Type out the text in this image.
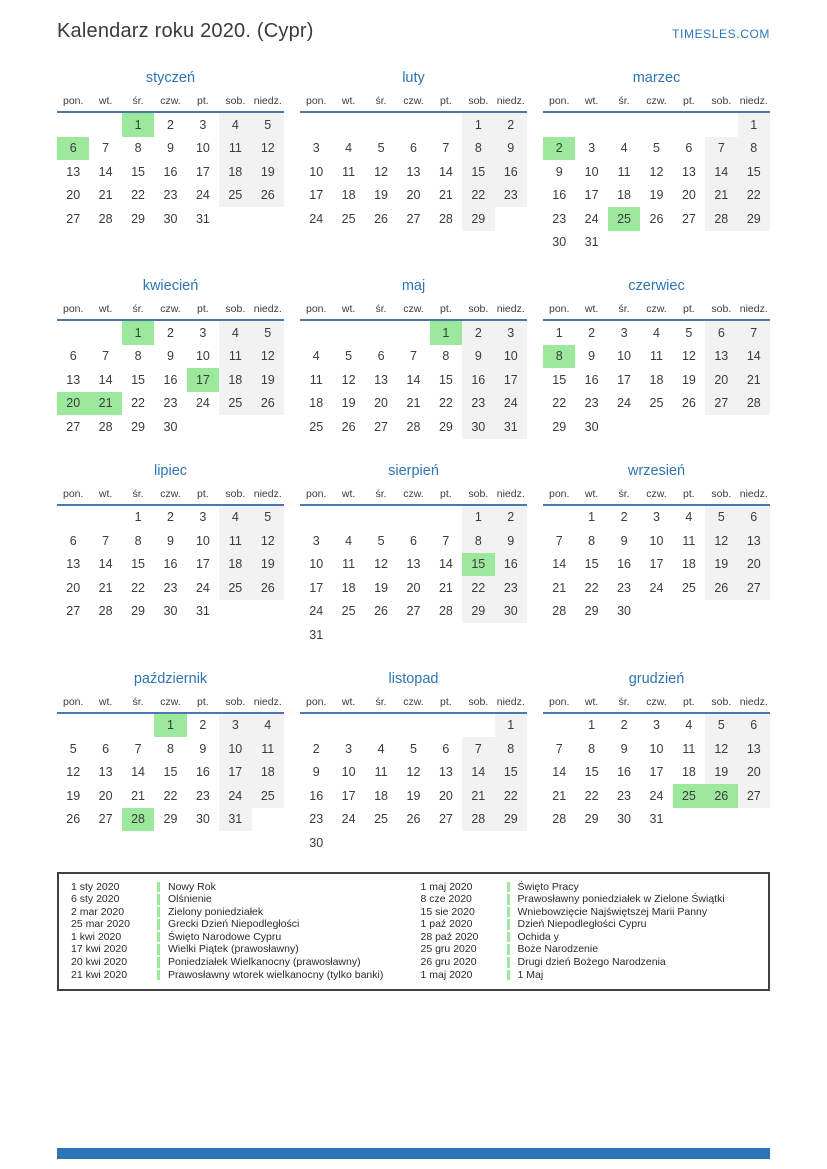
Kalendarz roku 2020. (Cypr)	TIMESLES.COM
styczeń
pon.	wt.	śr.	czw.	pt.	sob.	niedz.
		1	2	3	4	5
6	7	8	9	10	11	12
13	14	15	16	17	18	19
20	21	22	23	24	25	26
27	28	29	30	31		
luty
pon.	wt.	śr.	czw.	pt.	sob.	niedz.
					1	2
3	4	5	6	7	8	9
10	11	12	13	14	15	16
17	18	19	20	21	22	23
24	25	26	27	28	29	
marzec
pon.	wt.	śr.	czw.	pt.	sob.	niedz.
						1
2	3	4	5	6	7	8
9	10	11	12	13	14	15
16	17	18	19	20	21	22
23	24	25	26	27	28	29
30	31					
kwiecień
pon.	wt.	śr.	czw.	pt.	sob.	niedz.
		1	2	3	4	5
6	7	8	9	10	11	12
13	14	15	16	17	18	19
20	21	22	23	24	25	26
27	28	29	30			
maj
pon.	wt.	śr.	czw.	pt.	sob.	niedz.
				1	2	3
4	5	6	7	8	9	10
11	12	13	14	15	16	17
18	19	20	21	22	23	24
25	26	27	28	29	30	31
czerwiec
pon.	wt.	śr.	czw.	pt.	sob.	niedz.
1	2	3	4	5	6	7
8	9	10	11	12	13	14
15	16	17	18	19	20	21
22	23	24	25	26	27	28
29	30					
lipiec
pon.	wt.	śr.	czw.	pt.	sob.	niedz.
		1	2	3	4	5
6	7	8	9	10	11	12
13	14	15	16	17	18	19
20	21	22	23	24	25	26
27	28	29	30	31		
sierpień
pon.	wt.	śr.	czw.	pt.	sob.	niedz.
					1	2
3	4	5	6	7	8	9
10	11	12	13	14	15	16
17	18	19	20	21	22	23
24	25	26	27	28	29	30
31						
wrzesień
pon.	wt.	śr.	czw.	pt.	sob.	niedz.
	1	2	3	4	5	6
7	8	9	10	11	12	13
14	15	16	17	18	19	20
21	22	23	24	25	26	27
28	29	30				
październik
pon.	wt.	śr.	czw.	pt.	sob.	niedz.
			1	2	3	4
5	6	7	8	9	10	11
12	13	14	15	16	17	18
19	20	21	22	23	24	25
26	27	28	29	30	31	
listopad
pon.	wt.	śr.	czw.	pt.	sob.	niedz.
						1
2	3	4	5	6	7	8
9	10	11	12	13	14	15
16	17	18	19	20	21	22
23	24	25	26	27	28	29
30						
grudzień
pon.	wt.	śr.	czw.	pt.	sob.	niedz.
	1	2	3	4	5	6
7	8	9	10	11	12	13
14	15	16	17	18	19	20
21	22	23	24	25	26	27
28	29	30	31			
1 sty 2020	Nowy Rok
6 sty 2020	Olśnienie
2 mar 2020	Zielony poniedziałek
25 mar 2020	Grecki Dzień Niepodległości
1 kwi 2020	Święto Narodowe Cypru
17 kwi 2020	Wielki Piątek (prawosławny)
20 kwi 2020	Poniedziałek Wielkanocny (prawosławny)
21 kwi 2020	Prawosławny wtorek wielkanocny (tylko banki)
1 maj 2020	Święto Pracy
8 cze 2020	Prawosławny poniedziałek w Zielone Świątki
15 sie 2020	Wniebowzięcie Najświętszej Marii Panny
1 paź 2020	Dzień Niepodległości Cypru
28 paź 2020	Ochida y
25 gru 2020	Boże Narodzenie
26 gru 2020	Drugi dzień Bożego Narodzenia
1 maj 2020	1 Maj
